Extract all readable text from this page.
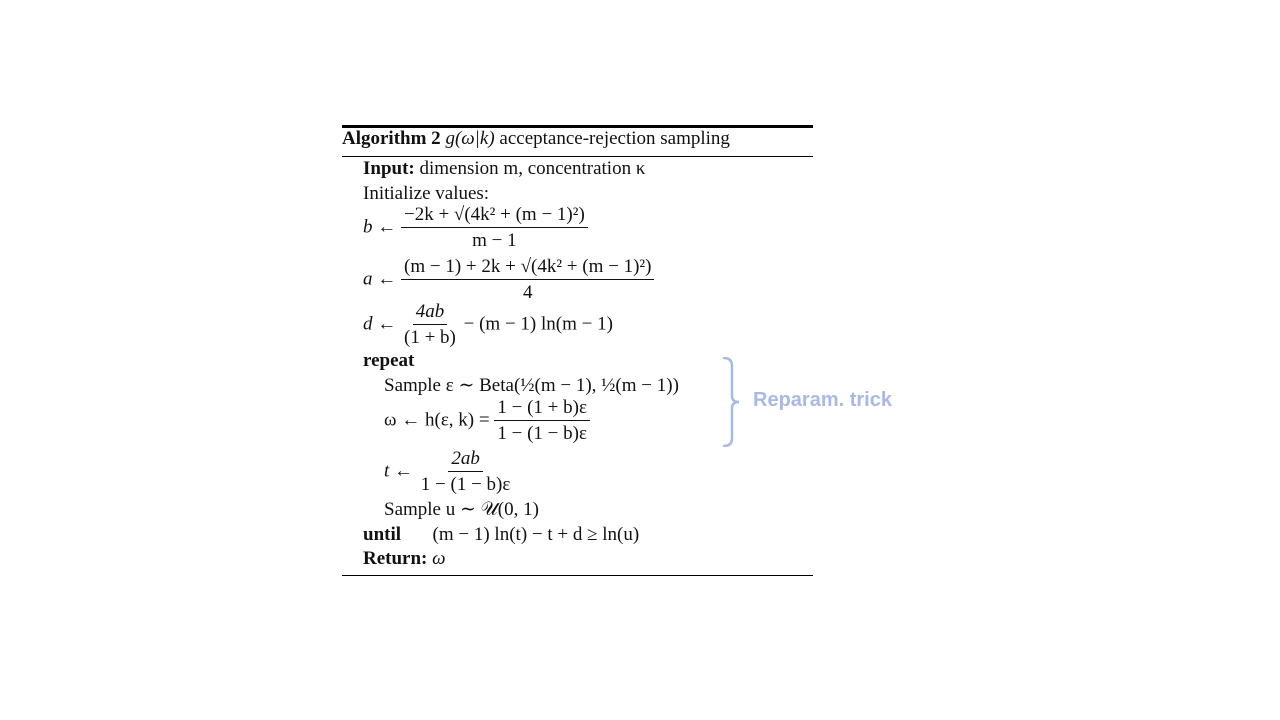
Algorithm 2 g(ω|k) acceptance-rejection sampling
Input: dimension m, concentration κ
Initialize values:
b ← $\frac{\text{−2k + √(4k² + (m − 1)²)}}{m - 1}$
a ← $\frac{\text{(m − 1) + 2k + √(4k² + (m − 1)²)}}{4}$
d ← $\frac{4ab}{(1 + b)} - (m - 1) \ln(m - 1)$
repeat
Sample ε ∼ Beta(½(m − 1), ½(m − 1))
ω ← h(ε, $k) = \frac{1 - (1 + b)\varepsilon}{1 - (1 - b)\varepsilon}$
t ← $\frac{2ab}{1 - (1 - b)\varepsilon}$
Sample u ∼ 𝒰(0, 1)
until (m − 1) ln(t) − t + d ≥ ln(u)
Return: ω
Reparam. trick
